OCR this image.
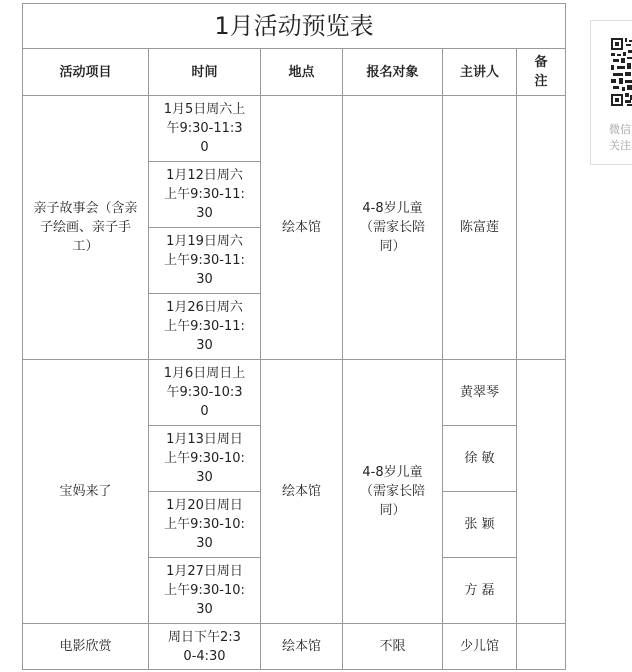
1月活动预览表					
活动项目	时间	地点	报名对象	主讲人	备注
亲子故事会（含亲子绘画、亲子手工）	1月5日周六上午9:30-11:30	绘本馆	4-8岁儿童（需家长陪同）	陈富莲	
	1月12日周六上午9:30-11:30				
	1月19日周六上午9:30-11:30				
	1月26日周六上午9:30-11:30				
宝妈来了	1月6日周日上午9:30-10:30	绘本馆	4-8岁儿童（需家长陪同）	黄翠琴	
	1月13日周日上午9:30-10:30			徐 敏	
	1月20日周日上午9:30-10:30			张 颖	
	1月27日周日上午9:30-10:30			方 磊	
电影欣赏	周日下午2:30-4:30	绘本馆	不限	少儿馆	
微信
关注
